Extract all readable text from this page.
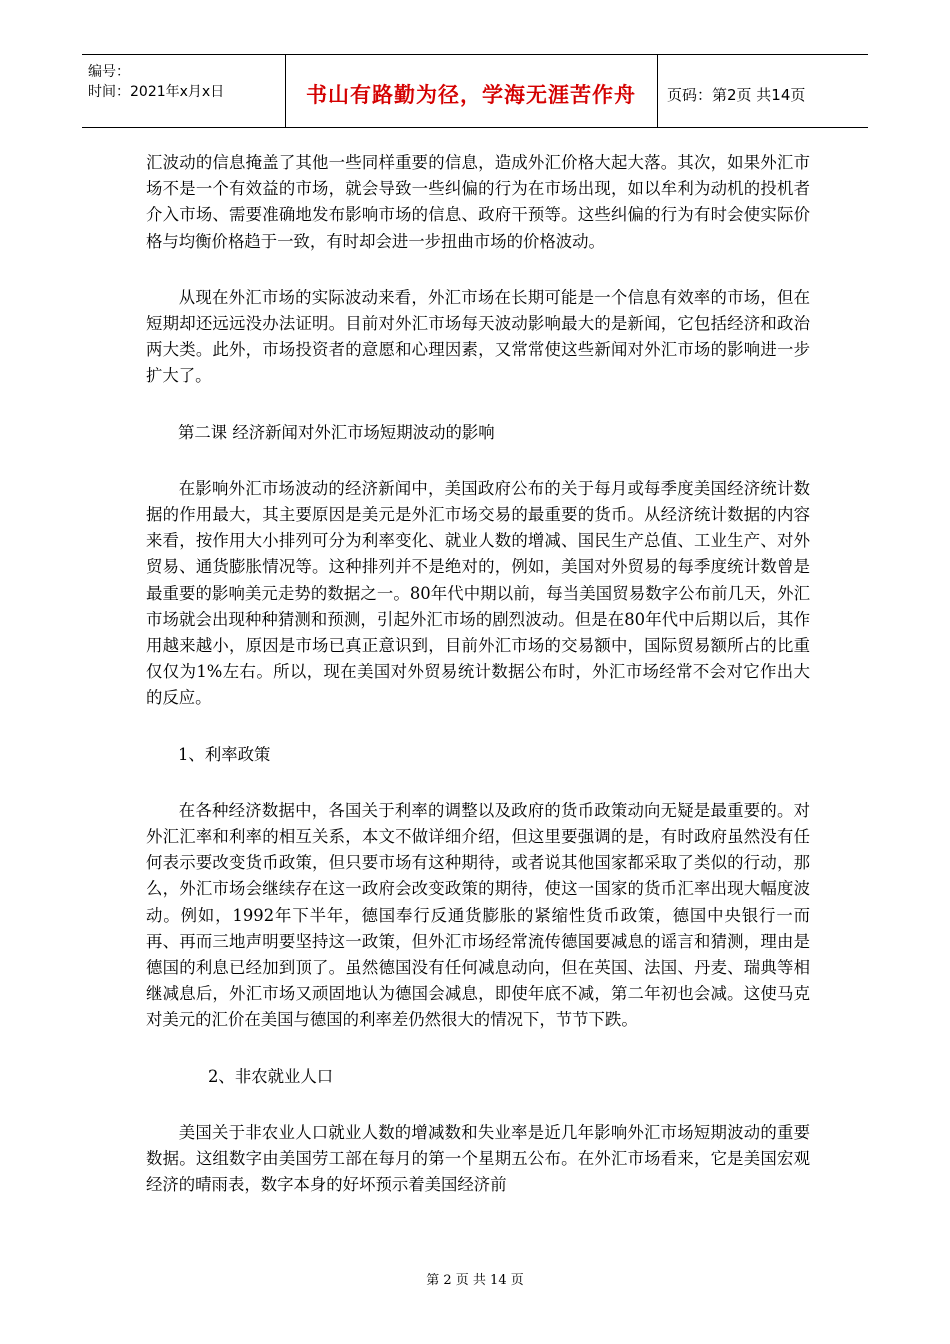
编号：
时间：2021年x月x日	书山有路勤为径，学海无涯苦作舟	页码：第2页 共14页

汇波动的信息掩盖了其他一些同样重要的信息，造成外汇价格大起大落。其次，如果外汇市场不是一个有效益的市场，就会导致一些纠偏的行为在市场出现，如以牟利为动机的投机者介入市场、需要准确地发布影响市场的信息、政府干预等。这些纠偏的行为有时会使实际价格与均衡价格趋于一致，有时却会进一步扭曲市场的价格波动。

从现在外汇市场的实际波动来看，外汇市场在长期可能是一个信息有效率的市场，但在短期却还远远没办法证明。目前对外汇市场每天波动影响最大的是新闻，它包括经济和政治两大类。此外，市场投资者的意愿和心理因素，又常常使这些新闻对外汇市场的影响进一步扩大了。

第二课 经济新闻对外汇市场短期波动的影响

在影响外汇市场波动的经济新闻中，美国政府公布的关于每月或每季度美国经济统计数据的作用最大，其主要原因是美元是外汇市场交易的最重要的货币。从经济统计数据的内容来看，按作用大小排列可分为利率变化、就业人数的增减、国民生产总值、工业生产、对外贸易、通货膨胀情况等。这种排列并不是绝对的，例如，美国对外贸易的每季度统计数曾是最重要的影响美元走势的数据之一。80年代中期以前，每当美国贸易数字公布前几天，外汇市场就会出现种种猜测和预测，引起外汇市场的剧烈波动。但是在80年代中后期以后，其作用越来越小，原因是市场已真正意识到，目前外汇市场的交易额中，国际贸易额所占的比重仅仅为1%左右。所以，现在美国对外贸易统计数据公布时，外汇市场经常不会对它作出大的反应。

1、利率政策

在各种经济数据中，各国关于利率的调整以及政府的货币政策动向无疑是最重要的。对外汇汇率和利率的相互关系，本文不做详细介绍，但这里要强调的是，有时政府虽然没有任何表示要改变货币政策，但只要市场有这种期待，或者说其他国家都采取了类似的行动，那么，外汇市场会继续存在这一政府会改变政策的期待，使这一国家的货币汇率出现大幅度波动。例如，1992年下半年，德国奉行反通货膨胀的紧缩性货币政策，德国中央银行一而再、再而三地声明要坚持这一政策，但外汇市场经常流传德国要减息的谣言和猜测，理由是德国的利息已经加到顶了。虽然德国没有任何减息动向，但在英国、法国、丹麦、瑞典等相继减息后，外汇市场又顽固地认为德国会减息，即使年底不减，第二年初也会减。这使马克对美元的汇价在美国与德国的利率差仍然很大的情况下，节节下跌。

2、非农就业人口

美国关于非农业人口就业人数的增减数和失业率是近几年影响外汇市场短期波动的重要数据。这组数字由美国劳工部在每月的第一个星期五公布。在外汇市场看来，它是美国宏观经济的晴雨表，数字本身的好坏预示着美国经济前

第 2 页 共 14 页
